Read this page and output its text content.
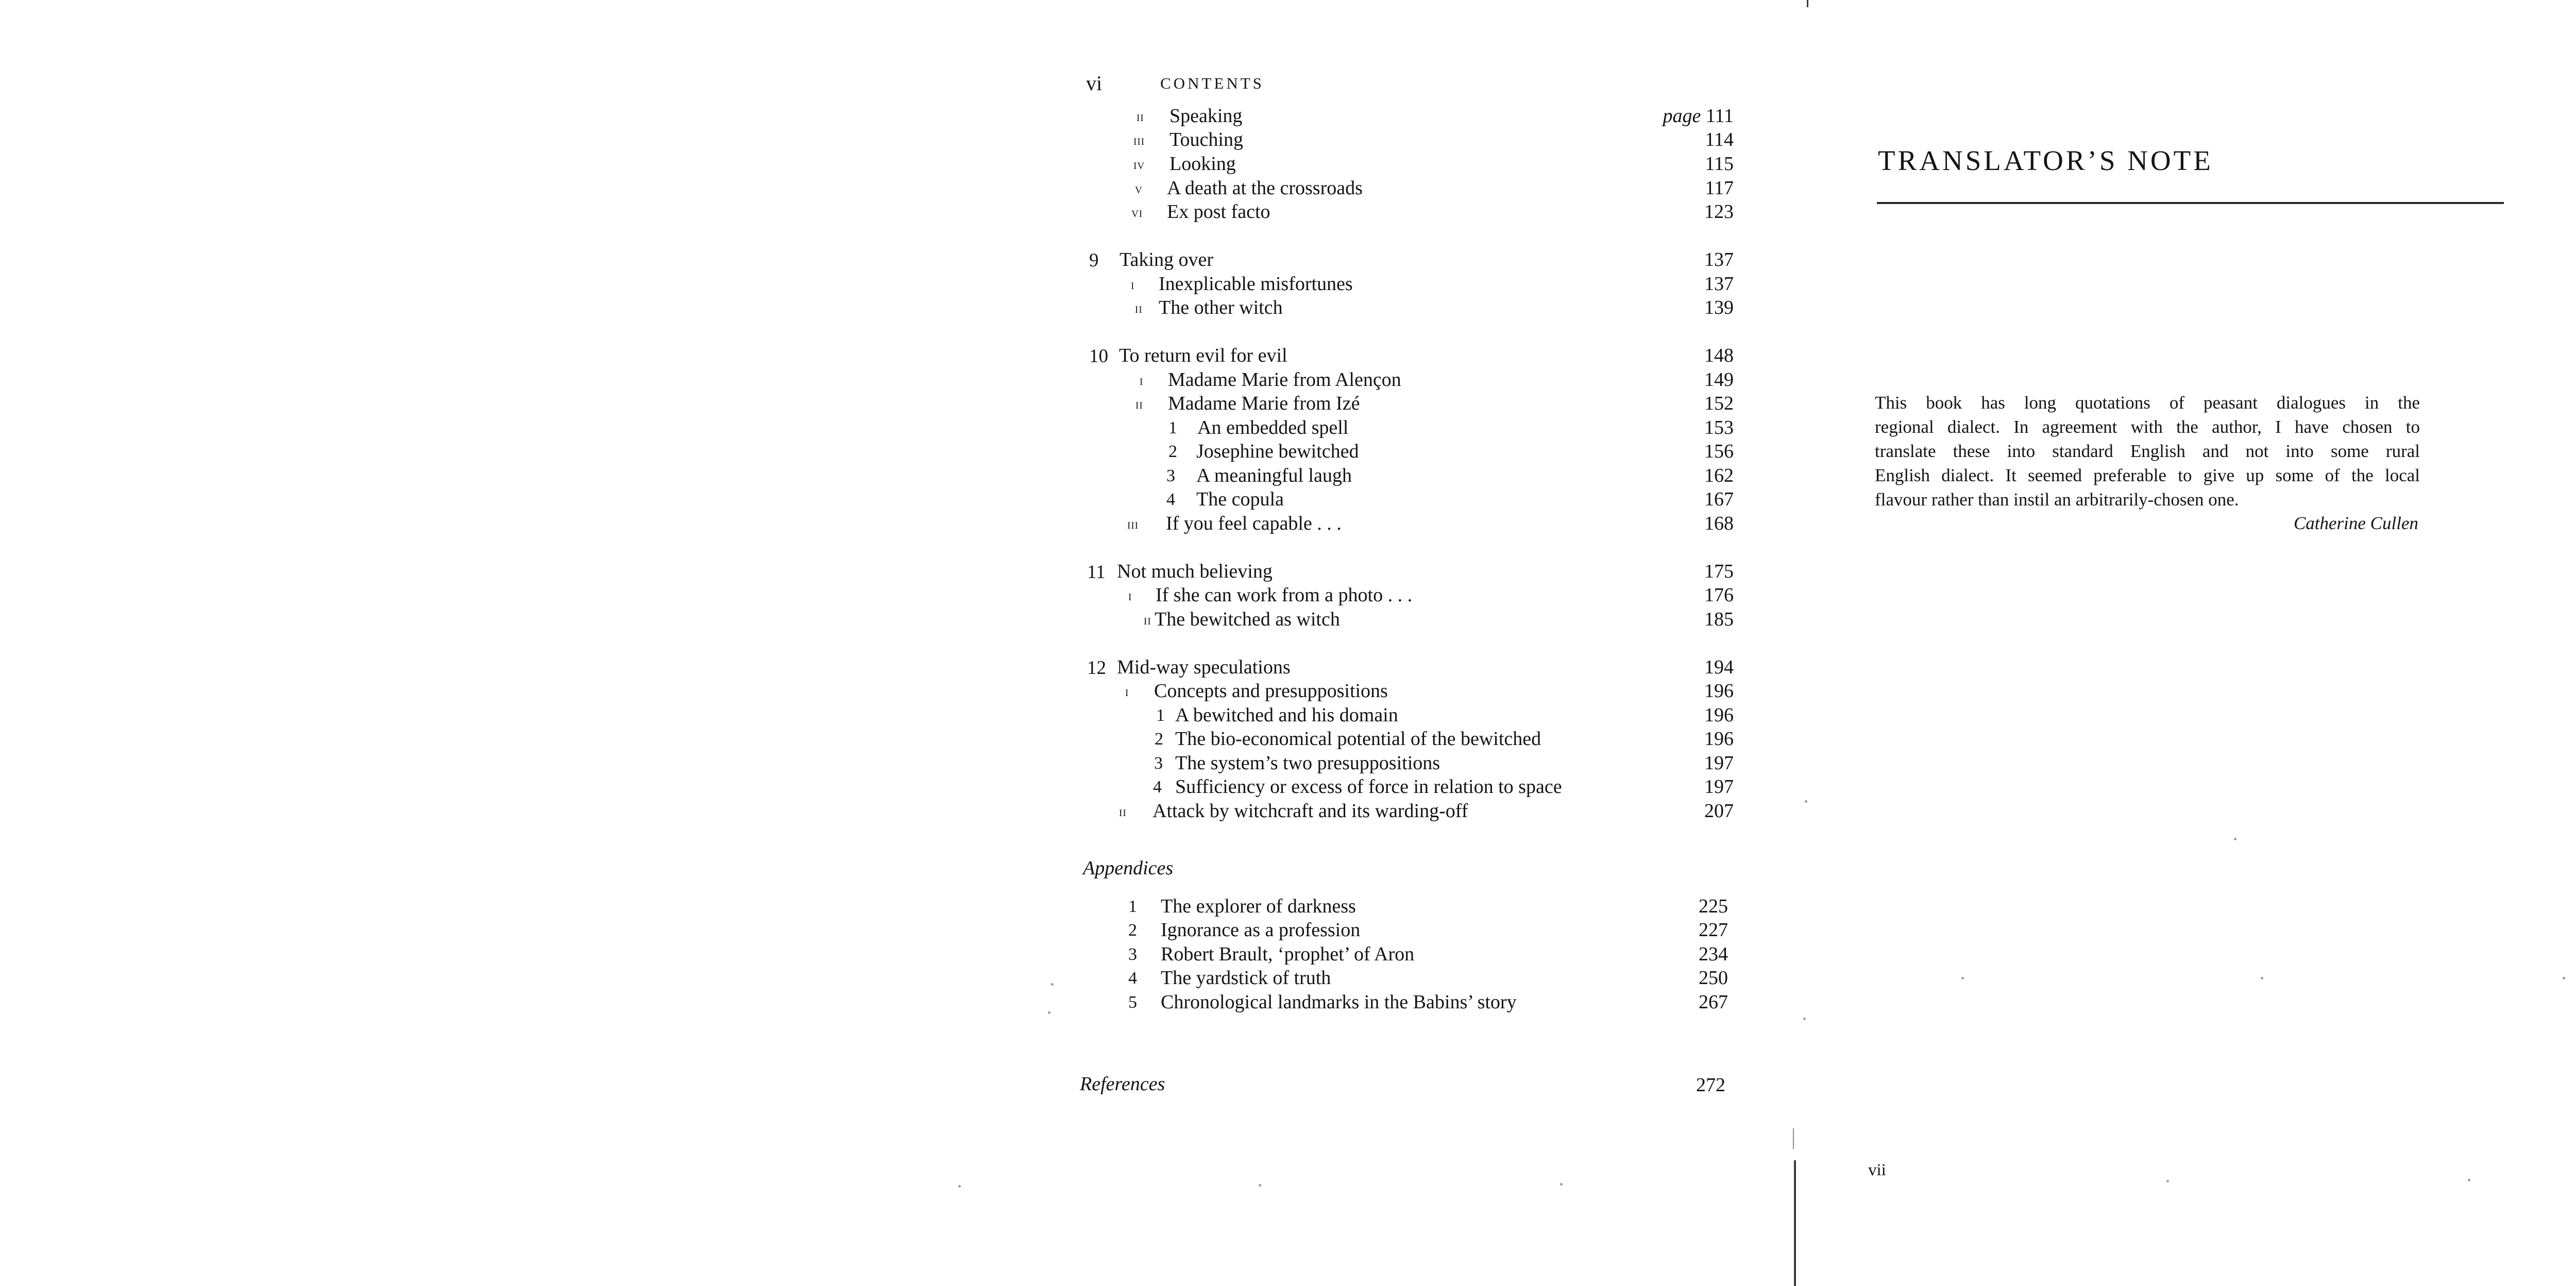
vi	CONTENTS
ii Speaking	page 111
iii Touching	114
iv Looking	115
v A death at the crossroads	117
vi Ex post facto	123
9 Taking over	137
i Inexplicable misfortunes	137
ii The other witch	139
10 To return evil for evil	148
i Madame Marie from Alençon	149
ii Madame Marie from Izé	152
1 An embedded spell	153
2 Josephine bewitched	156
3 A meaningful laugh	162
4 The copula	167
iii If you feel capable . . .	168
11 Not much believing	175
i If she can work from a photo . . .	176
ii The bewitched as witch	185
12 Mid-way speculations	194
i Concepts and presuppositions	196
1 A bewitched and his domain	196
2 The bio-economical potential of the bewitched	196
3 The system’s two presuppositions	197
4 Sufficiency or excess of force in relation to space	197
ii Attack by witchcraft and its warding-off	207
Appendices
1 The explorer of darkness	225
2 Ignorance as a profession	227
3 Robert Brault, ‘prophet’ of Aron	234
4 The yardstick of truth	250
5 Chronological landmarks in the Babins’ story	267
References	272
TRANSLATOR’S NOTE
This book has long quotations of peasant dialogues in the
regional dialect. In agreement with the author, I have chosen to
translate these into standard English and not into some rural
English dialect. It seemed preferable to give up some of the local
flavour rather than instil an arbitrarily-chosen one.
Catherine Cullen
vii
